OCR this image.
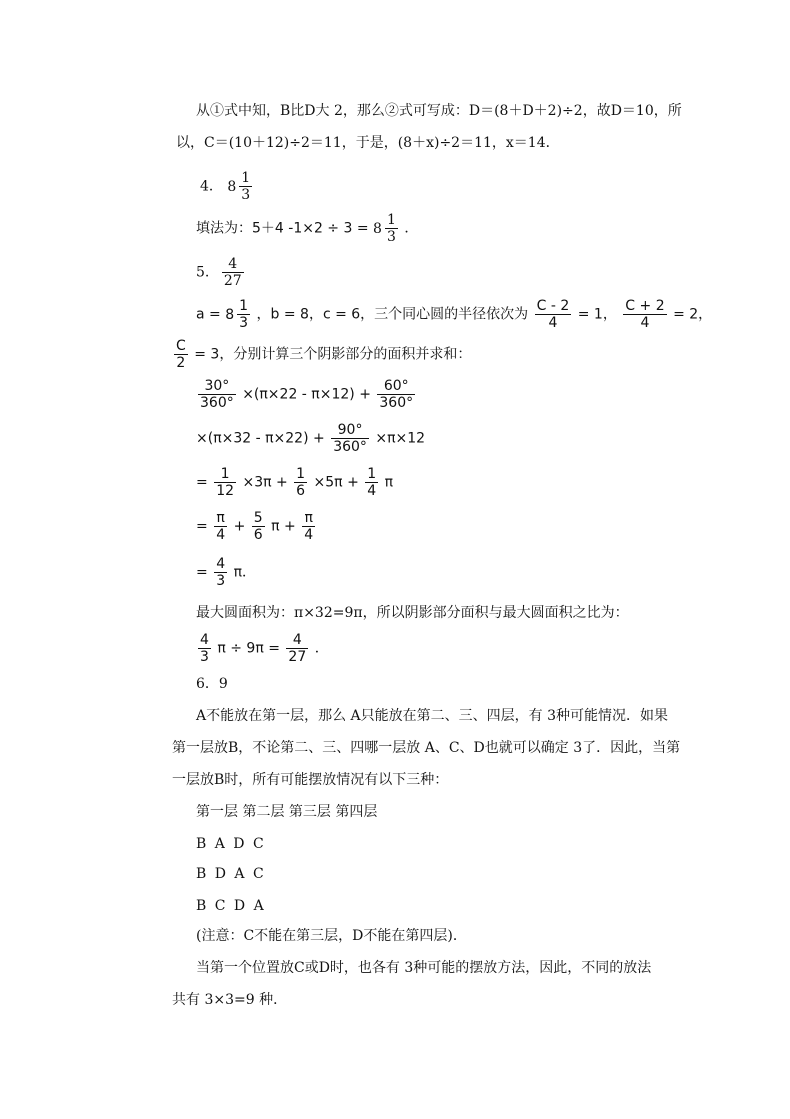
从①式中知，B比D大 2，那么②式可写成：D＝(8＋D＋2)÷2，故D＝10，所
以，C＝(10＋12)÷2＝11，于是，(8＋x)÷2＝11，x＝14．
4． $8 \frac{1}{3}$
填法为：5＋4 $-1\times 2 \div 3 = 8 \frac{1}{3}$ ．
5. $\frac{4}{27}$
$a = 8 \frac{1}{3}$ ，b = 8，c = 6，三个同心圆的半径依次为 $\frac{C - 2}{4} = 1$， $\frac{C + 2}{4} = 2$，
$\frac{C}{2} = 3$，分别计算三个阴影部分的面积并求和：
$\frac{30^\circ}{360^\circ} \times(\pi\times 22 - \pi\times 12) + \frac{60^\circ}{360^\circ}$
$\times(\pi\times 32 - \pi\times 22) + \frac{90^\circ}{360^\circ} \times\pi\times 12$
= $\frac{1}{12} \times 3\pi + \frac{1}{6} \times 5\pi + \frac{1}{4}$ π
= $\frac{\pi}{4} + \frac{5}{6}$ $\pi + \frac{\pi}{4}$
= $\frac{4}{3}$ π．
最大圆面积为：π×32=9π，所以阴影部分面积与最大圆面积之比为：
$\frac{4}{3}$ $\pi \div 9\pi = \frac{4}{27}$ ．
6．9
A不能放在第一层，那么 A只能放在第二、三、四层，有 3种可能情况．如果
第一层放B，不论第二、三、四哪一层放 A、C、D也就可以确定 3了．因此，当第
一层放B时，所有可能摆放情况有以下三种：
第一层 第二层 第三层 第四层
B A D C
B D A C
B C D A
(注意：C不能在第三层，D不能在第四层)．
当第一个位置放C或D时，也各有 3种可能的摆放方法，因此，不同的放法
共有 3×3=9 种．
